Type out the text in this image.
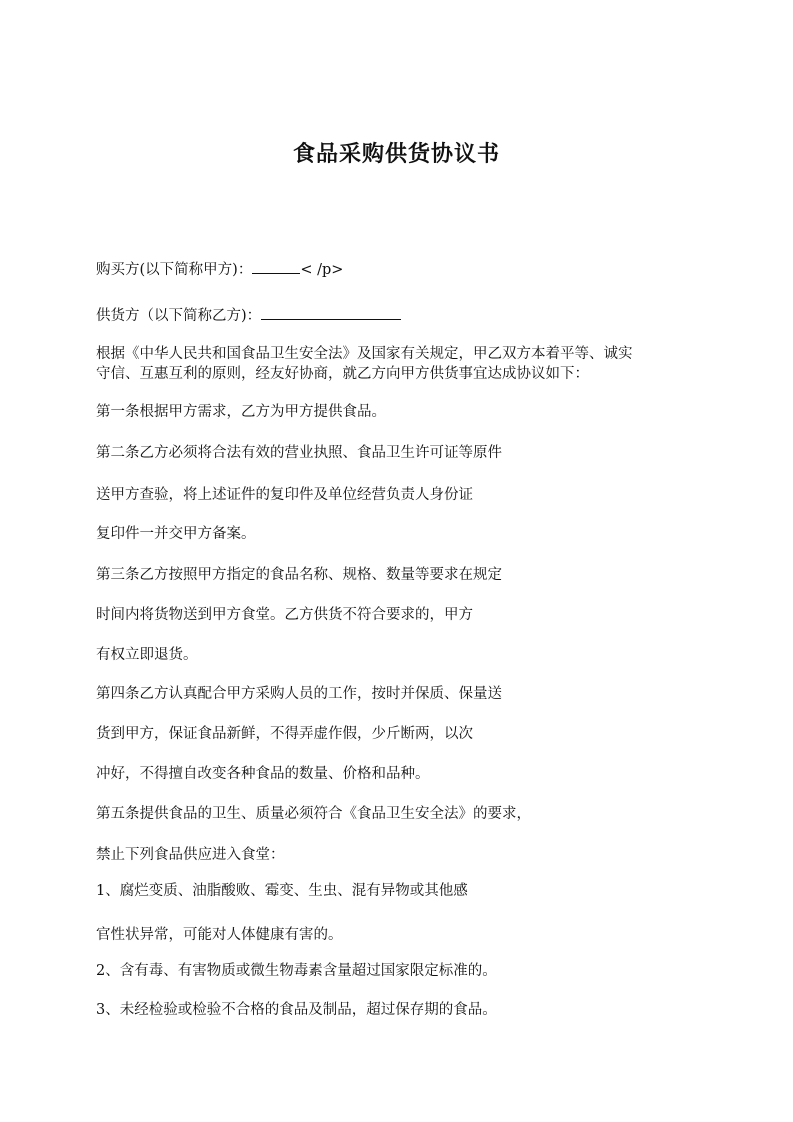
食品采购供货协议书

购买方(以下简称甲方)：	< /p>

供货方（以下简称乙方)：

根据《中华人民共和国食品卫生安全法》及国家有关规定，甲乙双方本着平等、诚实

守信、互惠互利的原则，经友好协商，就乙方向甲方供货事宜达成协议如下：

第一条根据甲方需求，乙方为甲方提供食品。

第二条乙方必须将合法有效的营业执照、食品卫生许可证等原件

送甲方查验，将上述证件的复印件及单位经营负责人身份证

复印件一并交甲方备案。

第三条乙方按照甲方指定的食品名称、规格、数量等要求在规定

时间内将货物送到甲方食堂。乙方供货不符合要求的，甲方

有权立即退货。

第四条乙方认真配合甲方采购人员的工作，按时并保质、保量送

货到甲方，保证食品新鲜，不得弄虚作假，少斤断两，以次

冲好，不得擅自改变各种食品的数量、价格和品种。

第五条提供食品的卫生、质量必须符合《食品卫生安全法》的要求，

禁止下列食品供应进入食堂：

1、腐烂变质、油脂酸败、霉变、生虫、混有异物或其他感

官性状异常，可能对人体健康有害的。

2、含有毒、有害物质或微生物毒素含量超过国家限定标准的。

3、未经检验或检验不合格的食品及制品，超过保存期的食品。
